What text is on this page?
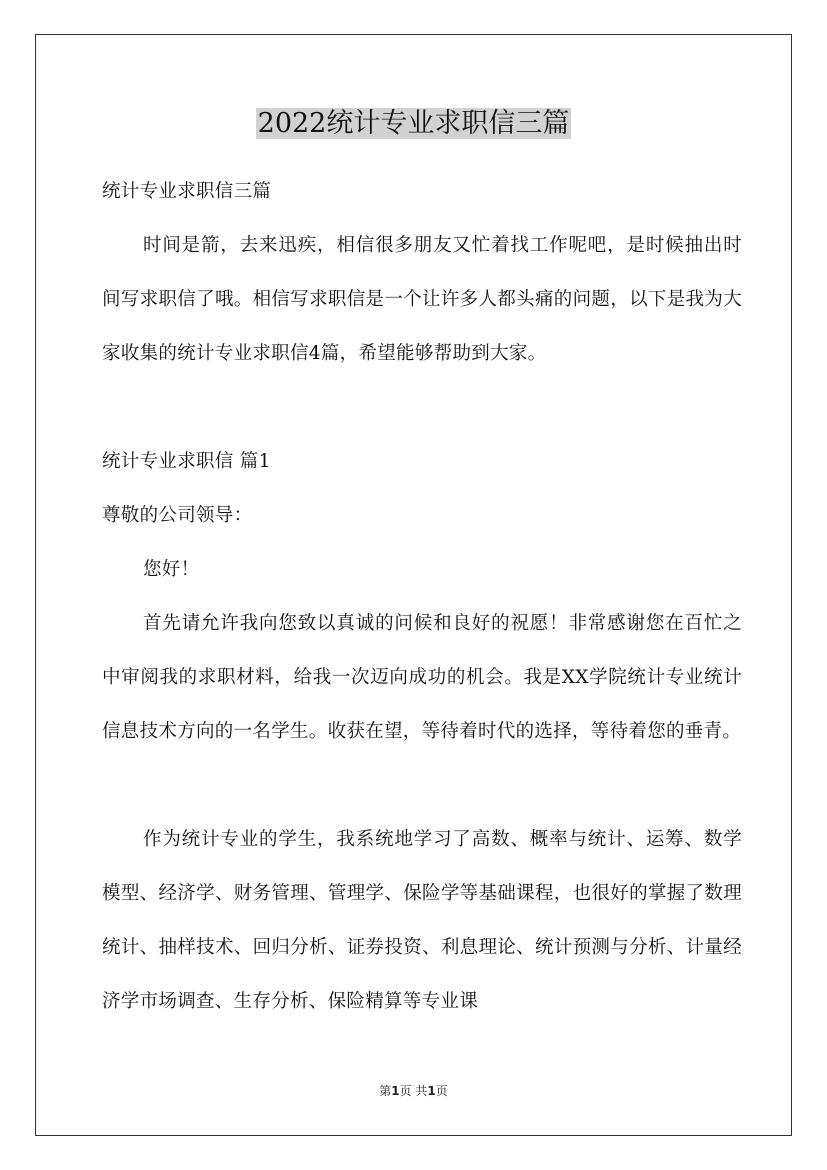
2022统计专业求职信三篇

统计专业求职信三篇

时间是箭，去来迅疾，相信很多朋友又忙着找工作呢吧，是时候抽出时间写求职信了哦。相信写求职信是一个让许多人都头痛的问题，以下是我为大家收集的统计专业求职信4篇，希望能够帮助到大家。

统计专业求职信 篇1

尊敬的公司领导：

您好！

首先请允许我向您致以真诚的问候和良好的祝愿！非常感谢您在百忙之中审阅我的求职材料，给我一次迈向成功的机会。我是XX学院统计专业统计信息技术方向的一名学生。收获在望，等待着时代的选择，等待着您的垂青。

作为统计专业的学生，我系统地学习了高数、概率与统计、运筹、数学模型、经济学、财务管理、管理学、保险学等基础课程，也很好的掌握了数理统计、抽样技术、回归分析、证券投资、利息理论、统计预测与分析、计量经济学市场调查、生存分析、保险精算等专业课

第1页 共1页
